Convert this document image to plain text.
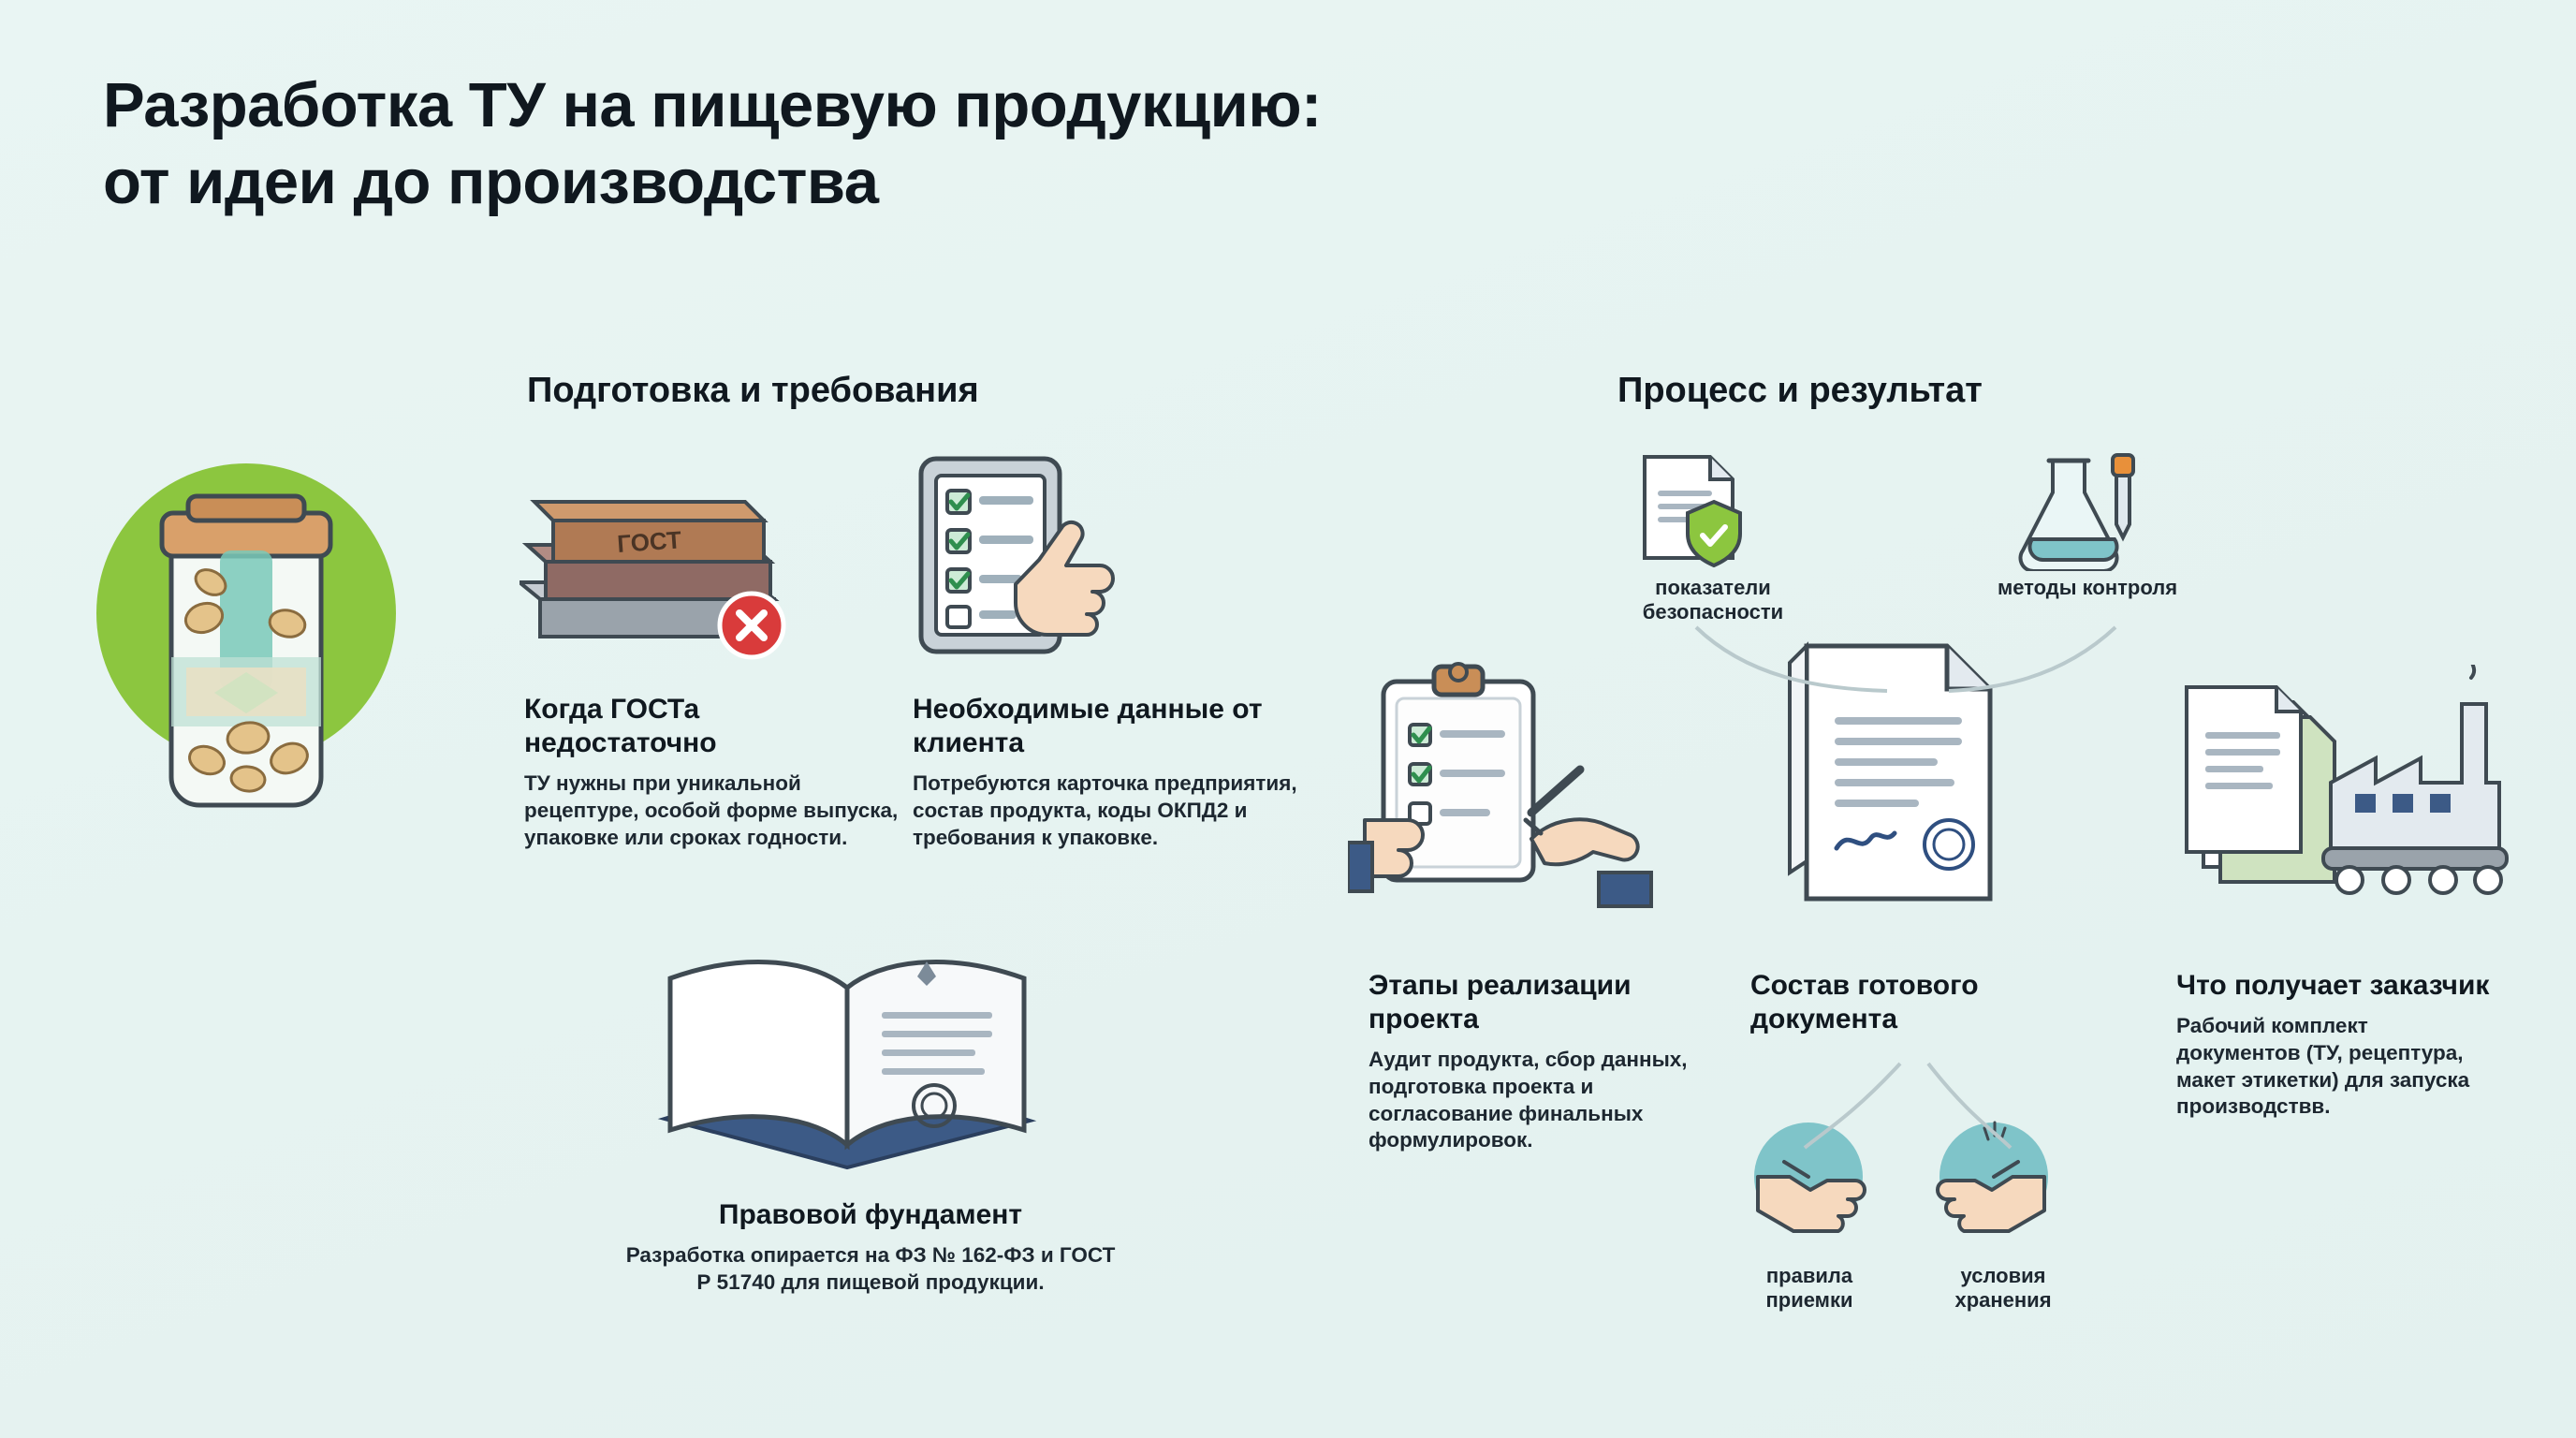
Разработка ТУ на пищевую продукцию:
от идеи до производства
Подготовка и требования	Процесс и результат
ГОСТ
показатели безопасности
методы контроля
правила приемки
условия хранения
Когда ГОСТа недостаточно
ТУ нужны при уникальной рецептуре, особой форме выпуска, упаковке или сроках годности.
Необходимые данные от клиента
Потребуются карточка предприятия, состав продукта, коды ОКПД2 и требования к упаковке.
Правовой фундамент
Разработка опирается на ФЗ № 162-ФЗ и ГОСТ Р 51740 для пищевой продукции.
Этапы реализации проекта
Аудит продукта, сбор данных, подготовка проекта и согласование финальных формулировок.
Состав готового документа
Что получает заказчик
Рабочий комплект документов (ТУ, рецептура, макет этикетки) для запуска производствв.
